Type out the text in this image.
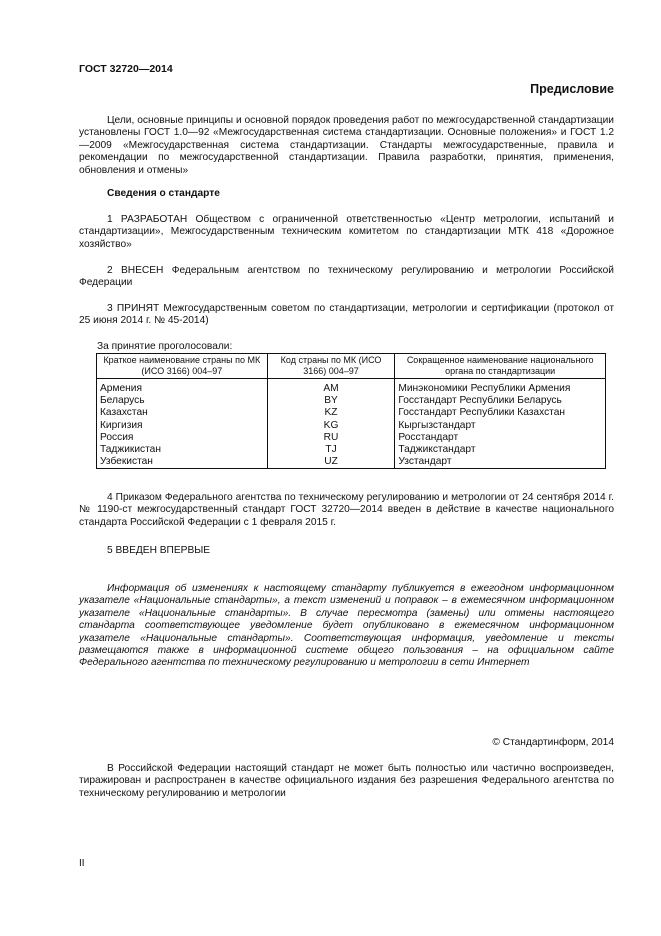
ГОСТ 32720—2014
Предисловие
Цели, основные принципы и основной порядок проведения работ по межгосударственной стандартизации установлены ГОСТ 1.0—92 «Межгосударственная система стандартизации. Основные положения» и ГОСТ 1.2—2009 «Межгосударственная система стандартизации. Стандарты межгосударственные, правила и рекомендации по межгосударственной стандартизации. Правила разработки, принятия, применения, обновления и отмены»
Сведения о стандарте
1 РАЗРАБОТАН Обществом с ограниченной ответственностью «Центр метрологии, испытаний и стандартизации», Межгосударственным техническим комитетом по стандартизации МТК 418 «Дорожное хозяйство»
2 ВНЕСЕН Федеральным агентством по техническому регулированию и метрологии Российской Федерации
3 ПРИНЯТ Межгосударственным советом по стандартизации, метрологии и сертификации (протокол от 25 июня 2014 г. № 45-2014)
За принятие проголосовали:
Краткое наименование страны по МК (ИСО 3166) 004–97	Код страны по МК (ИСО 3166) 004–97	Сокращенное наименование национального органа по стандартизации
Армения	AM	Минэкономики Республики Армения
Беларусь	BY	Госстандарт Республики Беларусь
Казахстан	KZ	Госстандарт Республики Казахстан
Киргизия	KG	Кыргызстандарт
Россия	RU	Росстандарт
Таджикистан	TJ	Таджикстандарт
Узбекистан	UZ	Узстандарт
4 Приказом Федерального агентства по техническому регулированию и метрологии от 24 сентября 2014 г. № 1190-ст межгосударственный стандарт ГОСТ 32720—2014 введен в действие в качестве национального стандарта Российской Федерации с 1 февраля 2015 г.
5 ВВЕДЕН ВПЕРВЫЕ
Информация об изменениях к настоящему стандарту публикуется в ежегодном информационном указателе «Национальные стандарты», а текст изменений и поправок – в ежемесячном информационном указателе «Национальные стандарты». В случае пересмотра (замены) или отмены настоящего стандарта соответствующее уведомление будет опубликовано в ежемесячном информационном указателе «Национальные стандарты». Соответствующая информация, уведомление и тексты размещаются также в информационной системе общего пользования – на официальном сайте Федерального агентства по техническому регулированию и метрологии в сети Интернет
© Стандартинформ, 2014
В Российской Федерации настоящий стандарт не может быть полностью или частично воспроизведен, тиражирован и распространен в качестве официального издания без разрешения Федерального агентства по техническому регулированию и метрологии
II
